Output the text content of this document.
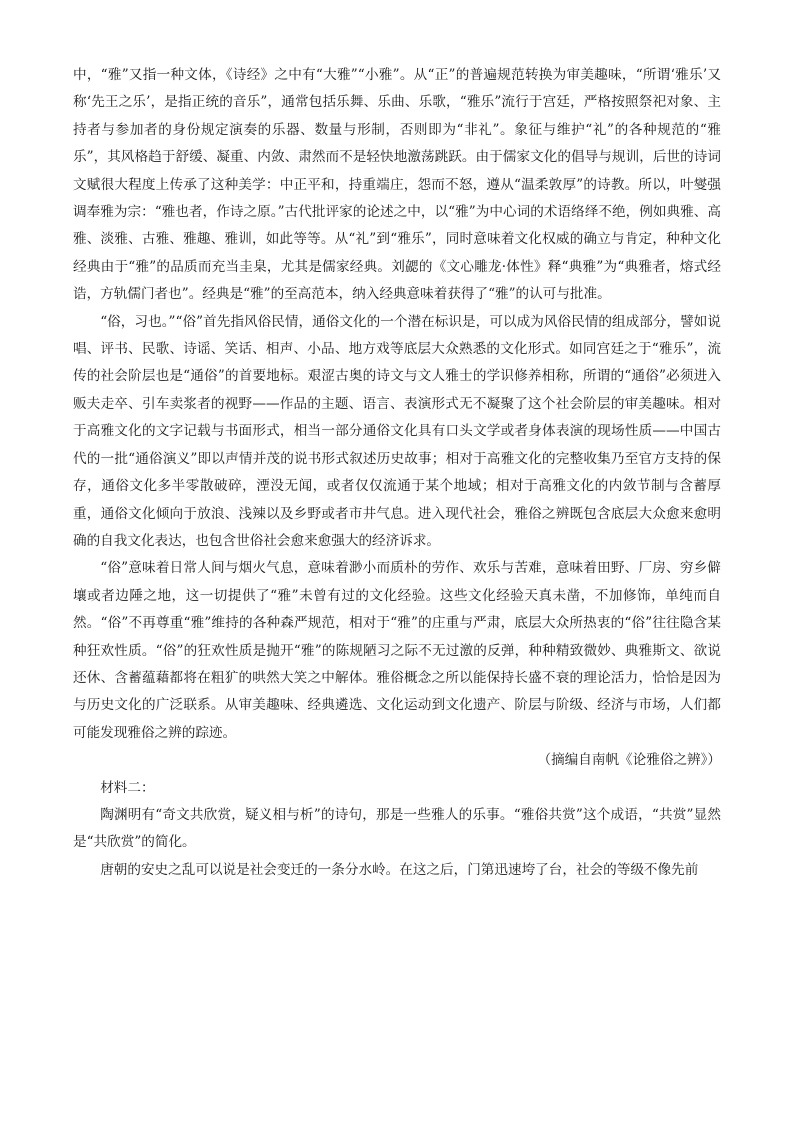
中，“雅”又指一种文体，《诗经》之中有“大雅”“小雅”。从“正”的普遍规范转换为审美趣味，“所谓‘雅乐’又称‘先王之乐’，是指正统的音乐”，通常包括乐舞、乐曲、乐歌，“雅乐”流行于宫廷，严格按照祭祀对象、主持者与参加者的身份规定演奏的乐器、数量与形制，否则即为“非礼”。象征与维护“礼”的各种规范的“雅乐”，其风格趋于舒缓、凝重、内敛、肃然而不是轻快地激荡跳跃。由于儒家文化的倡导与规训，后世的诗词文赋很大程度上传承了这种美学：中正平和，持重端庄，怨而不怒，遵从“温柔敦厚”的诗教。所以，叶燮强调奉雅为宗：“雅也者，作诗之原。”古代批评家的论述之中，以“雅”为中心词的术语络绎不绝，例如典雅、高雅、淡雅、古雅、雅趣、雅训，如此等等。从“礼”到“雅乐”，同时意味着文化权威的确立与肯定，种种文化经典由于“雅”的品质而充当圭臬，尤其是儒家经典。刘勰的《文心雕龙·体性》释“典雅”为“典雅者，熔式经诰，方轨儒门者也”。经典是“雅”的至高范本，纳入经典意味着获得了“雅”的认可与批准。

“俗，习也。”“俗”首先指风俗民情，通俗文化的一个潜在标识是，可以成为风俗民情的组成部分，譬如说唱、评书、民歌、诗谣、笑话、相声、小品、地方戏等底层大众熟悉的文化形式。如同宫廷之于“雅乐”，流传的社会阶层也是“通俗”的首要地标。艰涩古奥的诗文与文人雅士的学识修养相称，所谓的“通俗”必须进入贩夫走卒、引车卖浆者的视野——作品的主题、语言、表演形式无不凝聚了这个社会阶层的审美趣味。相对于高雅文化的文字记载与书面形式，相当一部分通俗文化具有口头文学或者身体表演的现场性质——中国古代的一批“通俗演义”即以声情并茂的说书形式叙述历史故事；相对于高雅文化的完整收集乃至官方支持的保存，通俗文化多半零散破碎，湮没无闻，或者仅仅流通于某个地域；相对于高雅文化的内敛节制与含蓄厚重，通俗文化倾向于放浪、浅辣以及乡野或者市井气息。进入现代社会，雅俗之辨既包含底层大众愈来愈明确的自我文化表达，也包含世俗社会愈来愈强大的经济诉求。

“俗”意味着日常人间与烟火气息，意味着渺小而质朴的劳作、欢乐与苦难，意味着田野、厂房、穷乡僻壤或者边陲之地，这一切提供了“雅”未曾有过的文化经验。这些文化经验天真未凿，不加修饰，单纯而自然。“俗”不再尊重“雅”维持的各种森严规范，相对于“雅”的庄重与严肃，底层大众所热衷的“俗”往往隐含某种狂欢性质。“俗”的狂欢性质是抛开“雅”的陈规陋习之际不无过激的反弹，种种精致微妙、典雅斯文、欲说还休、含蓄蕴藉都将在粗犷的哄然大笑之中解体。雅俗概念之所以能保持长盛不衰的理论活力，恰恰是因为与历史文化的广泛联系。从审美趣味、经典遴选、文化运动到文化遗产、阶层与阶级、经济与市场，人们都可能发现雅俗之辨的踪迹。

（摘编自南帆《论雅俗之辨》）

材料二：

陶渊明有“奇文共欣赏，疑义相与析”的诗句，那是一些雅人的乐事。“雅俗共赏”这个成语，“共赏”显然是“共欣赏”的简化。

唐朝的安史之乱可以说是社会变迁的一条分水岭。在这之后，门第迅速垮了台，社会的等级不像先前
